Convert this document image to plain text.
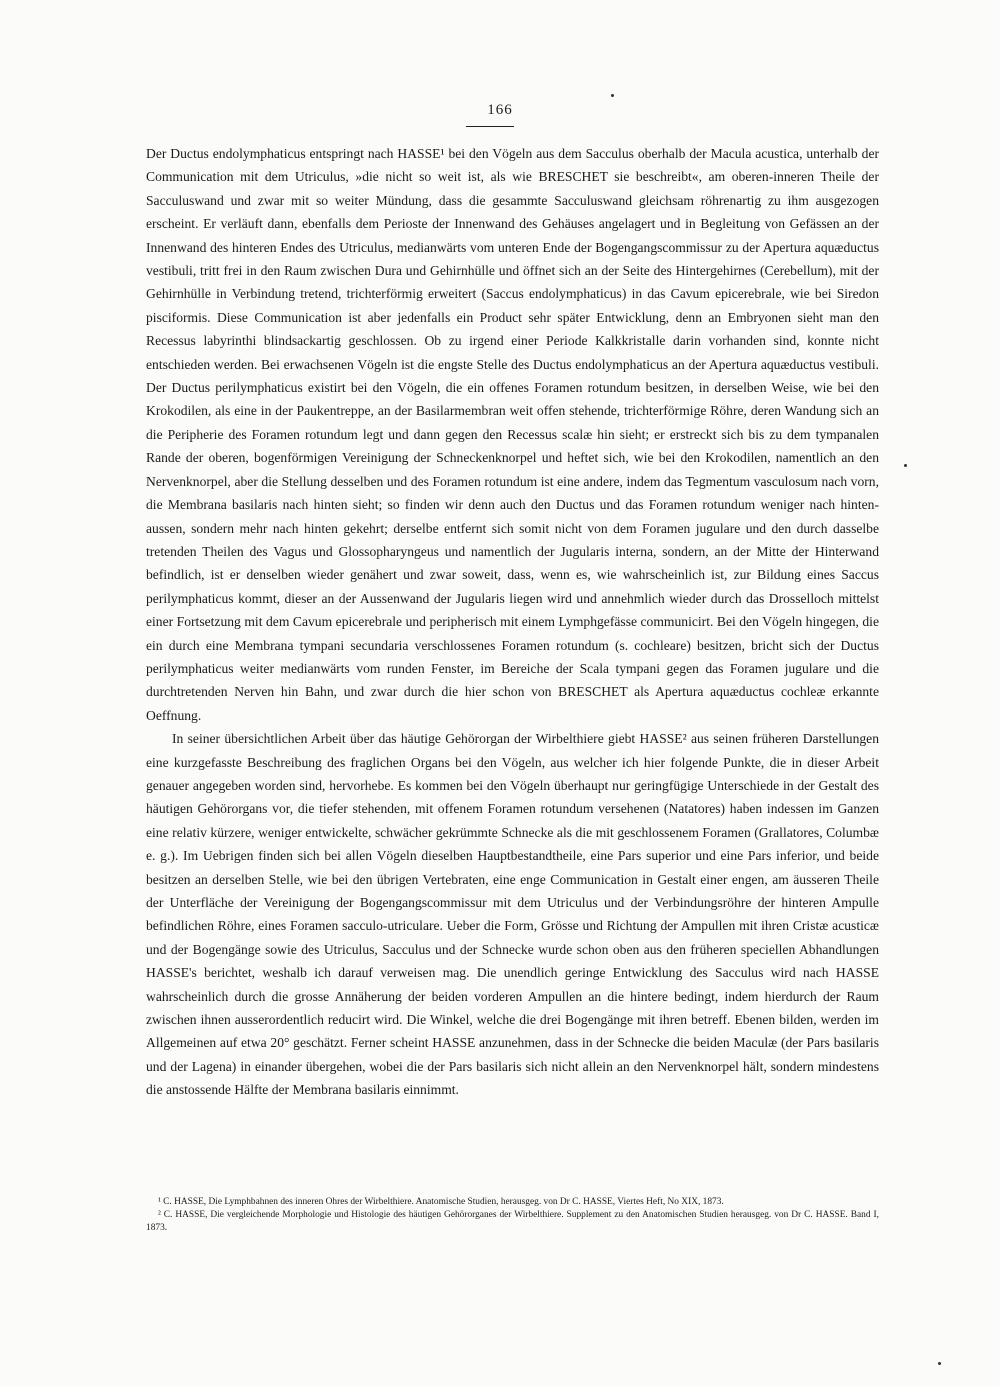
166

Der Ductus endolymphaticus entspringt nach HASSE¹ bei den Vögeln aus dem Sacculus oberhalb der Macula acustica, unterhalb der Communication mit dem Utriculus, »die nicht so weit ist, als wie BRESCHET sie beschreibt«, am oberen-inneren Theile der Sacculuswand und zwar mit so weiter Mündung, dass die gesammte Sacculuswand gleichsam röhrenartig zu ihm ausgezogen erscheint. Er verläuft dann, ebenfalls dem Perioste der Innenwand des Gehäuses angelagert und in Begleitung von Gefässen an der Innenwand des hinteren Endes des Utriculus, medianwärts vom unteren Ende der Bogengangscommissur zu der Apertura aquæductus vestibuli, tritt frei in den Raum zwischen Dura und Gehirnhülle und öffnet sich an der Seite des Hintergehirnes (Cerebellum), mit der Gehirnhülle in Verbindung tretend, trichterförmig erweitert (Saccus endolymphaticus) in das Cavum epicerebrale, wie bei Siredon pisciformis. Diese Communication ist aber jedenfalls ein Product sehr später Entwicklung, denn an Embryonen sieht man den Recessus labyrinthi blindsackartig geschlossen. Ob zu irgend einer Periode Kalkkristalle darin vorhanden sind, konnte nicht entschieden werden. Bei erwachsenen Vögeln ist die engste Stelle des Ductus endolymphaticus an der Apertura aquæductus vestibuli. Der Ductus perilymphaticus existirt bei den Vögeln, die ein offenes Foramen rotundum besitzen, in derselben Weise, wie bei den Krokodilen, als eine in der Paukentreppe, an der Basilarmembran weit offen stehende, trichterförmige Röhre, deren Wandung sich an die Peripherie des Foramen rotundum legt und dann gegen den Recessus scalæ hin sieht; er erstreckt sich bis zu dem tympanalen Rande der oberen, bogenförmigen Vereinigung der Schneckenknorpel und heftet sich, wie bei den Krokodilen, namentlich an den Nervenknorpel, aber die Stellung desselben und des Foramen rotundum ist eine andere, indem das Tegmentum vasculosum nach vorn, die Membrana basilaris nach hinten sieht; so finden wir denn auch den Ductus und das Foramen rotundum weniger nach hinten-aussen, sondern mehr nach hinten gekehrt; derselbe entfernt sich somit nicht von dem Foramen jugulare und den durch dasselbe tretenden Theilen des Vagus und Glossopharyngeus und namentlich der Jugularis interna, sondern, an der Mitte der Hinterwand befindlich, ist er denselben wieder genähert und zwar soweit, dass, wenn es, wie wahrscheinlich ist, zur Bildung eines Saccus perilymphaticus kommt, dieser an der Aussenwand der Jugularis liegen wird und annehmlich wieder durch das Drosselloch mittelst einer Fortsetzung mit dem Cavum epicerebrale und peripherisch mit einem Lymphgefässe communicirt. Bei den Vögeln hingegen, die ein durch eine Membrana tympani secundaria verschlossenes Foramen rotundum (s. cochleare) besitzen, bricht sich der Ductus perilymphaticus weiter medianwärts vom runden Fenster, im Bereiche der Scala tympani gegen das Foramen jugulare und die durchtretenden Nerven hin Bahn, und zwar durch die hier schon von BRESCHET als Apertura aquæductus cochleæ erkannte Oeffnung.

In seiner übersichtlichen Arbeit über das häutige Gehörorgan der Wirbelthiere giebt HASSE² aus seinen früheren Darstellungen eine kurzgefasste Beschreibung des fraglichen Organs bei den Vögeln, aus welcher ich hier folgende Punkte, die in dieser Arbeit genauer angegeben worden sind, hervorhebe. Es kommen bei den Vögeln überhaupt nur geringfügige Unterschiede in der Gestalt des häutigen Gehörorgans vor, die tiefer stehenden, mit offenem Foramen rotundum versehenen (Natatores) haben indessen im Ganzen eine relativ kürzere, weniger entwickelte, schwächer gekrümmte Schnecke als die mit geschlossenem Foramen (Grallatores, Columbæ e. g.). Im Uebrigen finden sich bei allen Vögeln dieselben Hauptbestandtheile, eine Pars superior und eine Pars inferior, und beide besitzen an derselben Stelle, wie bei den übrigen Vertebraten, eine enge Communication in Gestalt einer engen, am äusseren Theile der Unterfläche der Vereinigung der Bogengangscommissur mit dem Utriculus und der Verbindungsröhre der hinteren Ampulle befindlichen Röhre, eines Foramen sacculo-utriculare. Ueber die Form, Grösse und Richtung der Ampullen mit ihren Cristæ acusticæ und der Bogengänge sowie des Utriculus, Sacculus und der Schnecke wurde schon oben aus den früheren speciellen Abhandlungen HASSE's berichtet, weshalb ich darauf verweisen mag. Die unendlich geringe Entwicklung des Sacculus wird nach HASSE wahrscheinlich durch die grosse Annäherung der beiden vorderen Ampullen an die hintere bedingt, indem hierdurch der Raum zwischen ihnen ausserordentlich reducirt wird. Die Winkel, welche die drei Bogengänge mit ihren betreff. Ebenen bilden, werden im Allgemeinen auf etwa 20° geschätzt. Ferner scheint HASSE anzunehmen, dass in der Schnecke die beiden Maculæ (der Pars basilaris und der Lagena) in einander übergehen, wobei die der Pars basilaris sich nicht allein an den Nervenknorpel hält, sondern mindestens die anstossende Hälfte der Membrana basilaris einnimmt.

¹ C. HASSE, Die Lymphbahnen des inneren Ohres der Wirbelthiere. Anatomische Studien, herausgeg. von Dr C. HASSE, Viertes Heft, No XIX, 1873.

² C. HASSE, Die vergleichende Morphologie und Histologie des häutigen Gehörorganes der Wirbelthiere. Supplement zu den Anatomischen Studien herausgeg. von Dr C. HASSE. Band I, 1873.
